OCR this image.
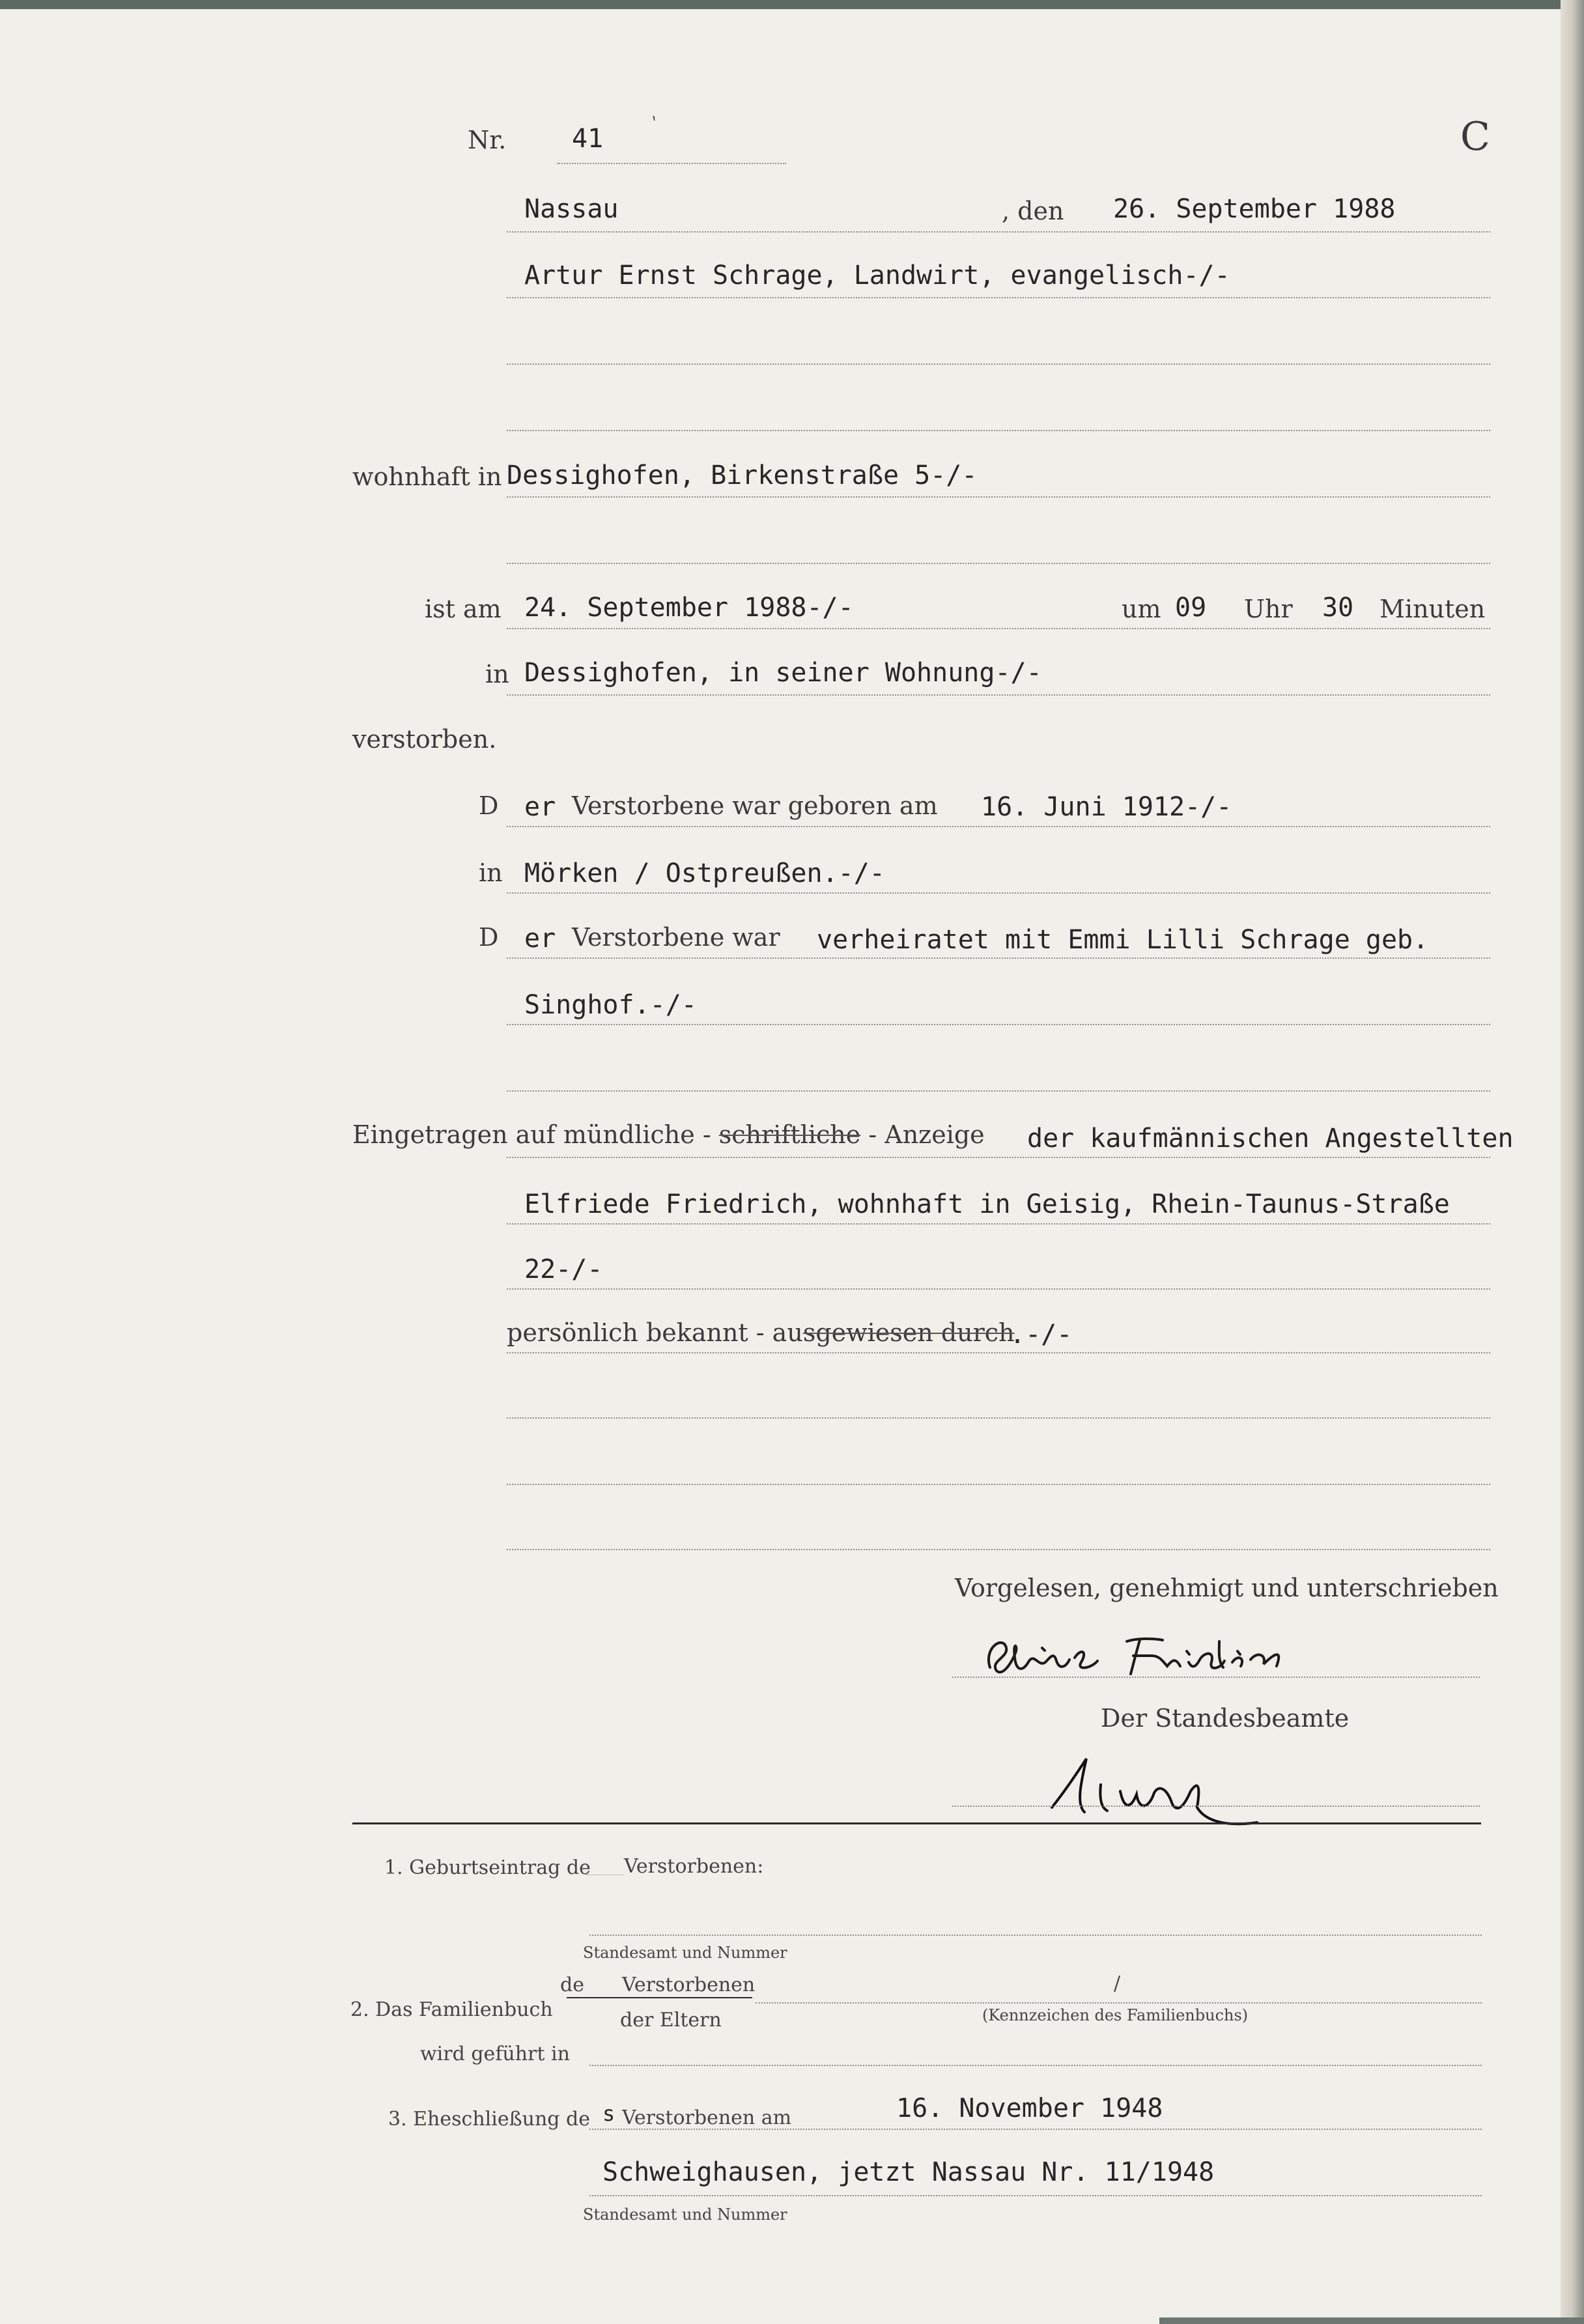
Nr.	41 `	C
Nassau	, den 26. September 1988
Artur Ernst Schrage, Landwirt, evangelisch-/-
wohnhaft in Dessighofen, Birkenstraße 5-/-
ist am 24. September 1988-/-	um 09 Uhr 30 Minuten
in Dessighofen, in seiner Wohnung-/-
verstorben.
D er Verstorbene war geboren am 16. Juni 1912-/-
in Mörken / Ostpreußen.-/-
D er Verstorbene war verheiratet mit Emmi Lilli Schrage geb.
Singhof.-/-
Eingetragen auf mündliche - schriftliche - Anzeige der kaufmännischen Angestellten
Elfriede Friedrich, wohnhaft in Geisig, Rhein-Taunus-Straße
22-/-
persönlich bekannt - ausgewiesen durch
.-/-
Vorgelesen, genehmigt und unterschrieben
Der Standesbeamte
1. Geburtseintrag de Verstorbenen:
Standesamt und Nummer
de Verstorbenen
2. Das Familienbuch	der Eltern
/
(Kennzeichen des Familienbuchs)
wird geführt in
3. Eheschließung de s Verstorbenen am	16. November 1948
Schweighausen, jetzt Nassau Nr. 11/1948
Standesamt und Nummer
